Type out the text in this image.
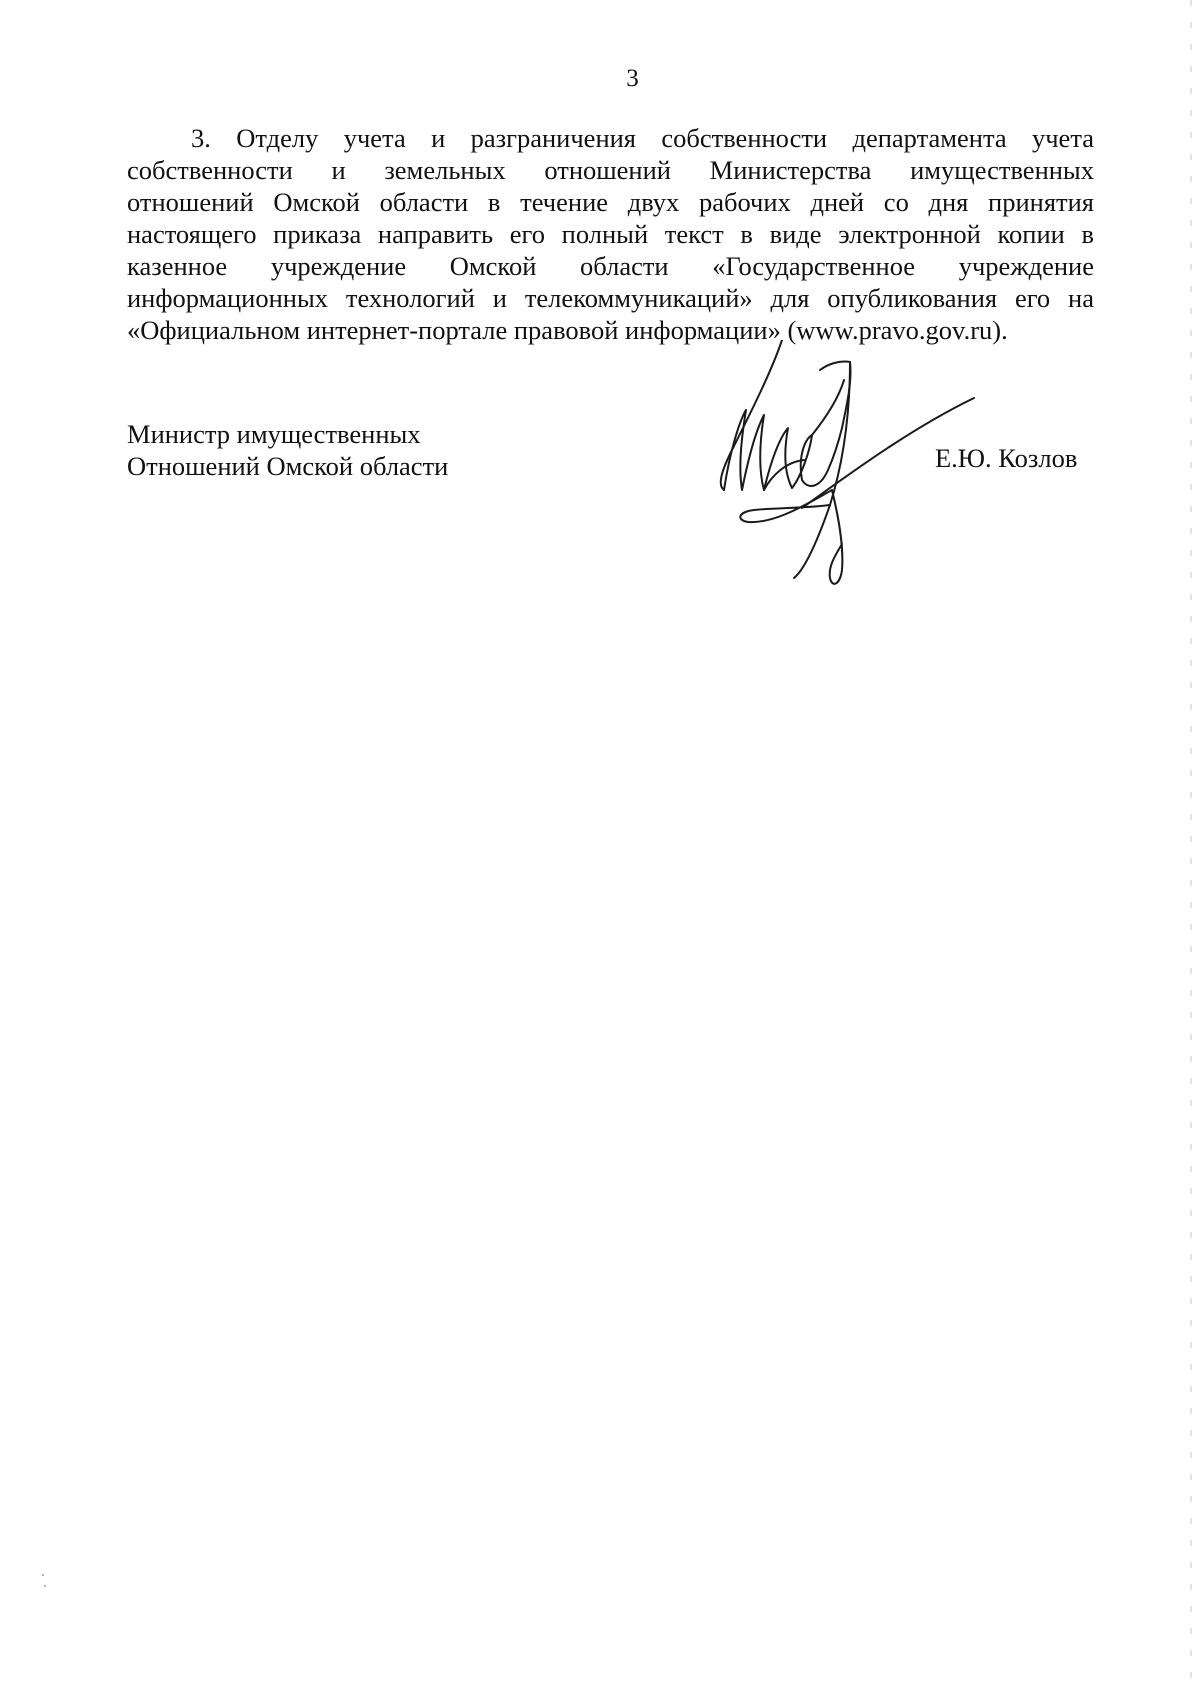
3

3. Отделу учета и разграничения собственности департамента учета
собственности и земельных отношений Министерства имущественных
отношений Омской области в течение двух рабочих дней со дня принятия
настоящего приказа направить его полный текст в виде электронной копии в
казенное учреждение Омской области «Государственное учреждение
информационных технологий и телекоммуникаций» для опубликования его на
«Официальном интернет-портале правовой информации» (www.pravo.gov.ru).

Министр имущественных
Отношений Омской области	Е.Ю. Козлов
